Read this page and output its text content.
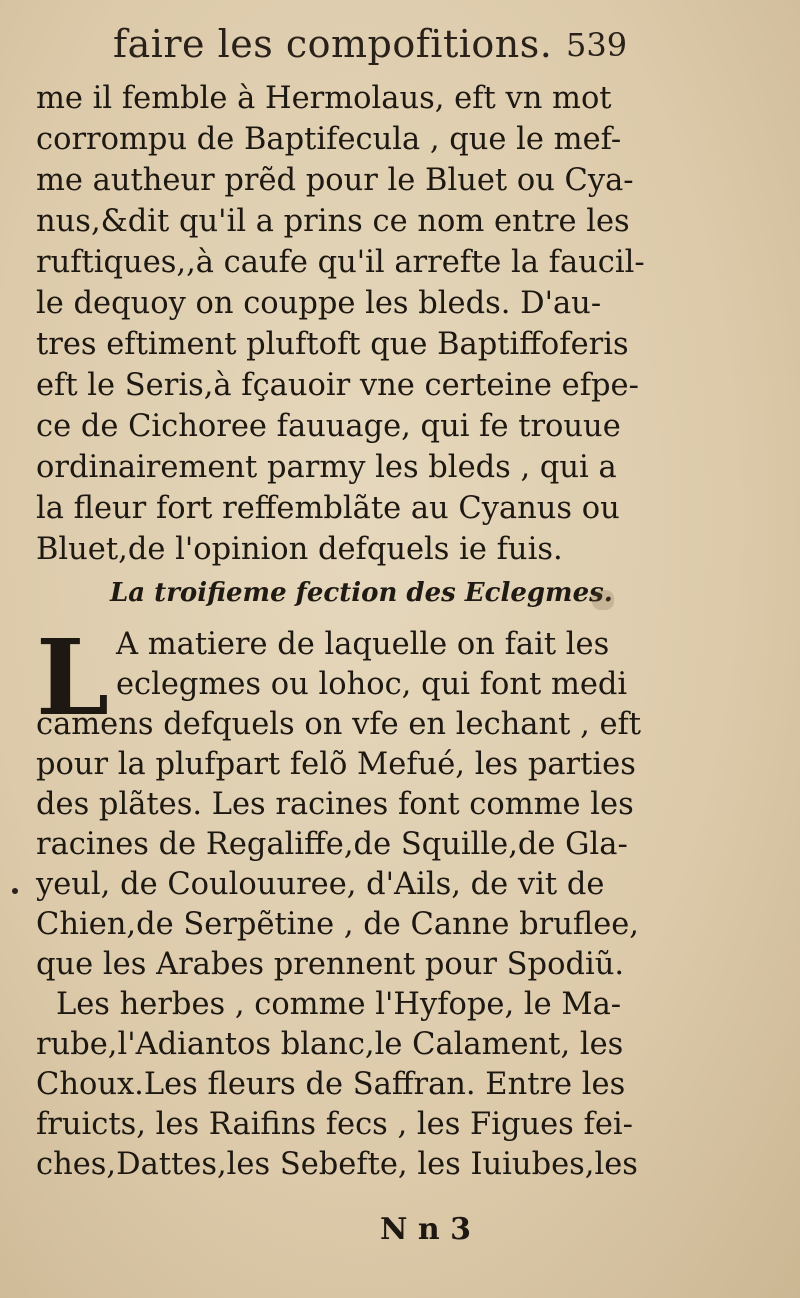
faire les compofitions. 539
me il femble à Hermolaus, eft vn mot
corrompu de Baptifecula , que le mef-
me autheur prẽd pour le Bluet ou Cya-
nus,&dit qu'il a prins ce nom entre les
ruftiques,,à caufe qu'il arrefte la faucil-
le dequoy on couppe les bleds. D'au-
tres eftiment pluftoft que Baptiffoferis
eft le Seris,à fçauoir vne certeine efpe-
ce de Cichoree fauuage, qui fe trouue
ordinairement parmy les bleds , qui a
la fleur fort reffemblãte au Cyanus ou
Bluet,de l'opinion defquels ie fuis.
La troifieme fection des Eclegmes.
L A matiere de laquelle on fait les
eclegmes ou lohoc, qui font medi
camens defquels on vfe en lechant , eft
pour la plufpart felõ Mefué, les parties
des plãtes. Les racines font comme les
racines de Regaliffe,de Squille,de Gla-
yeul, de Coulouuree, d'Ails, de vit de
Chien,de Serpẽtine , de Canne bruflee,
que les Arabes prennent pour Spodiũ.
Les herbes , comme l'Hyfope, le Ma-
rube,l'Adiantos blanc,le Calament, les
Choux.Les fleurs de Saffran. Entre les
fruicts, les Raifins fecs , les Figues fei-
ches,Dattes,les Sebefte, les Iuiubes,les
N n 3
